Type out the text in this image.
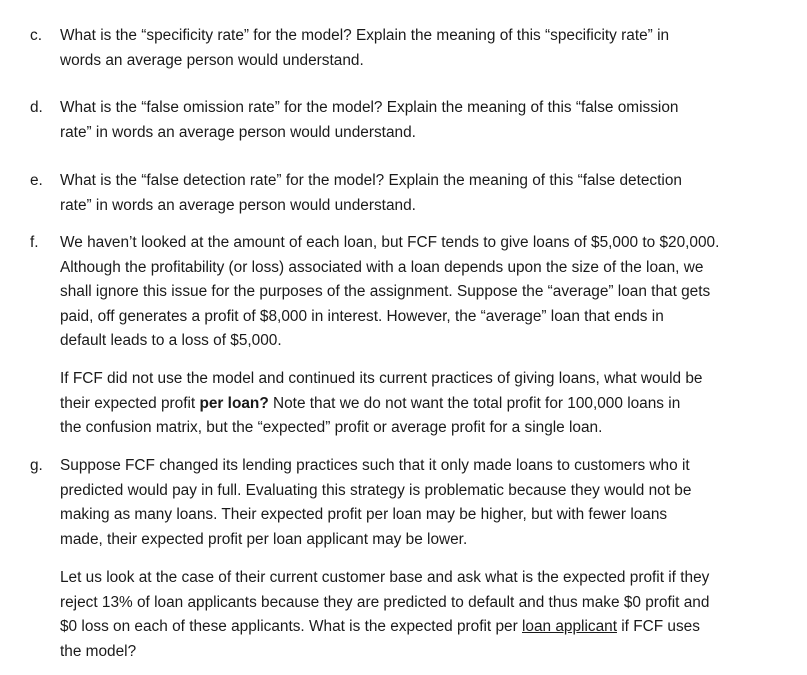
c. What is the “specificity rate” for the model? Explain the meaning of this “specificity rate” in
words an average person would understand.
d. What is the “false omission rate” for the model? Explain the meaning of this “false omission
rate” in words an average person would understand.
e. What is the “false detection rate” for the model? Explain the meaning of this “false detection
rate” in words an average person would understand.
f. We haven’t looked at the amount of each loan, but FCF tends to give loans of $5,000 to $20,000.
Although the profitability (or loss) associated with a loan depends upon the size of the loan, we
shall ignore this issue for the purposes of the assignment. Suppose the “average” loan that gets
paid, off generates a profit of $8,000 in interest. However, the “average” loan that ends in
default leads to a loss of $5,000.
If FCF did not use the model and continued its current practices of giving loans, what would be
their expected profit per loan? Note that we do not want the total profit for 100,000 loans in
the confusion matrix, but the “expected” profit or average profit for a single loan.
g. Suppose FCF changed its lending practices such that it only made loans to customers who it
predicted would pay in full. Evaluating this strategy is problematic because they would not be
making as many loans. Their expected profit per loan may be higher, but with fewer loans
made, their expected profit per loan applicant may be lower.
Let us look at the case of their current customer base and ask what is the expected profit if they
reject 13% of loan applicants because they are predicted to default and thus make $0 profit and
$0 loss on each of these applicants. What is the expected profit per loan applicant if FCF uses
the model?
